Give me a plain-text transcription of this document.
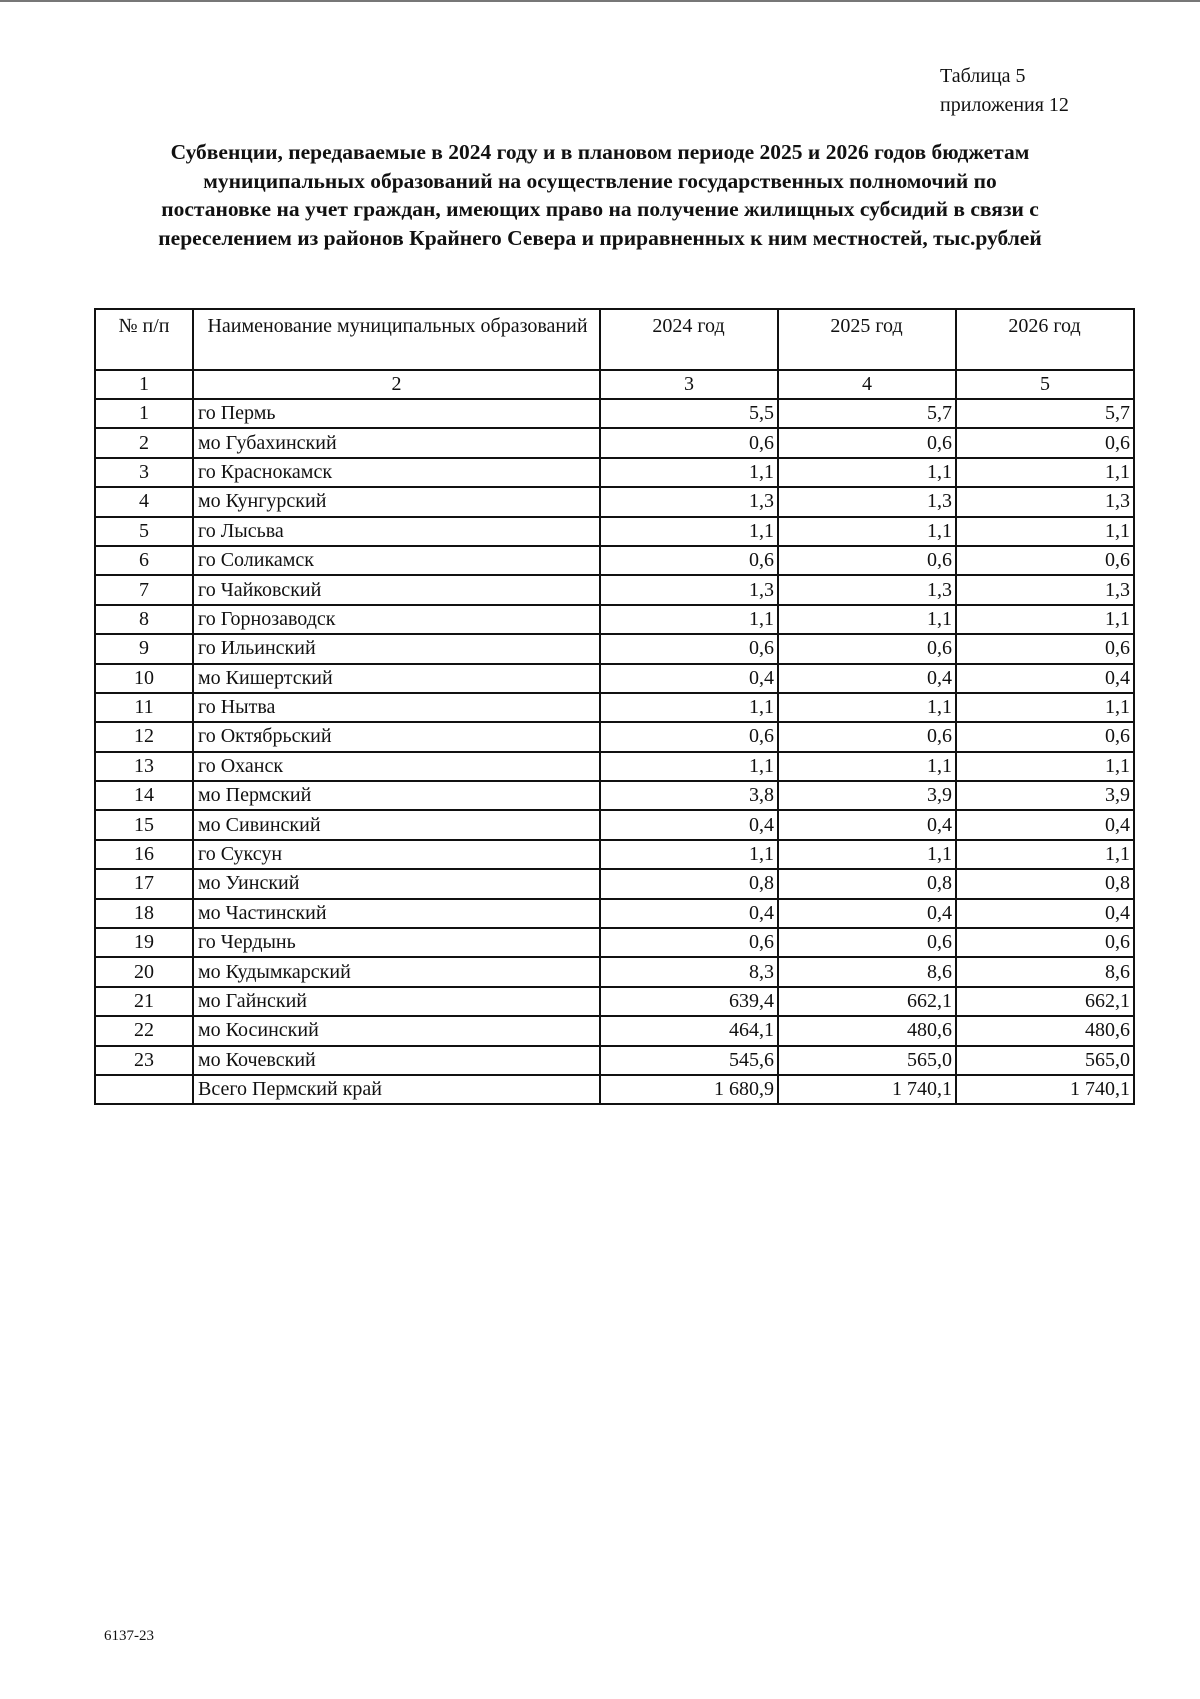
Таблица 5
приложения 12
Субвенции, передаваемые в 2024 году и в плановом периоде 2025 и 2026 годов бюджетам муниципальных образований на осуществление государственных полномочий по постановке на учет граждан, имеющих право на получение жилищных субсидий в связи с переселением из районов Крайнего Севера и приравненных к ним местностей, тыс.рублей
№ п/п	Наименование муниципальных образований	2024 год	2025 год	2026 год
1	2	3	4	5
1	го Пермь	5,5	5,7	5,7
2	мо Губахинский	0,6	0,6	0,6
3	го Краснокамск	1,1	1,1	1,1
4	мо Кунгурский	1,3	1,3	1,3
5	го Лысьва	1,1	1,1	1,1
6	го Соликамск	0,6	0,6	0,6
7	го Чайковский	1,3	1,3	1,3
8	го Горнозаводск	1,1	1,1	1,1
9	го Ильинский	0,6	0,6	0,6
10	мо Кишертский	0,4	0,4	0,4
11	го Нытва	1,1	1,1	1,1
12	го Октябрьский	0,6	0,6	0,6
13	го Оханск	1,1	1,1	1,1
14	мо Пермский	3,8	3,9	3,9
15	мо Сивинский	0,4	0,4	0,4
16	го Суксун	1,1	1,1	1,1
17	мо Уинский	0,8	0,8	0,8
18	мо Частинский	0,4	0,4	0,4
19	го Чердынь	0,6	0,6	0,6
20	мо Кудымкарский	8,3	8,6	8,6
21	мо Гайнский	639,4	662,1	662,1
22	мо Косинский	464,1	480,6	480,6
23	мо Кочевский	545,6	565,0	565,0
	Всего Пермский край	1 680,9	1 740,1	1 740,1
6137-23
